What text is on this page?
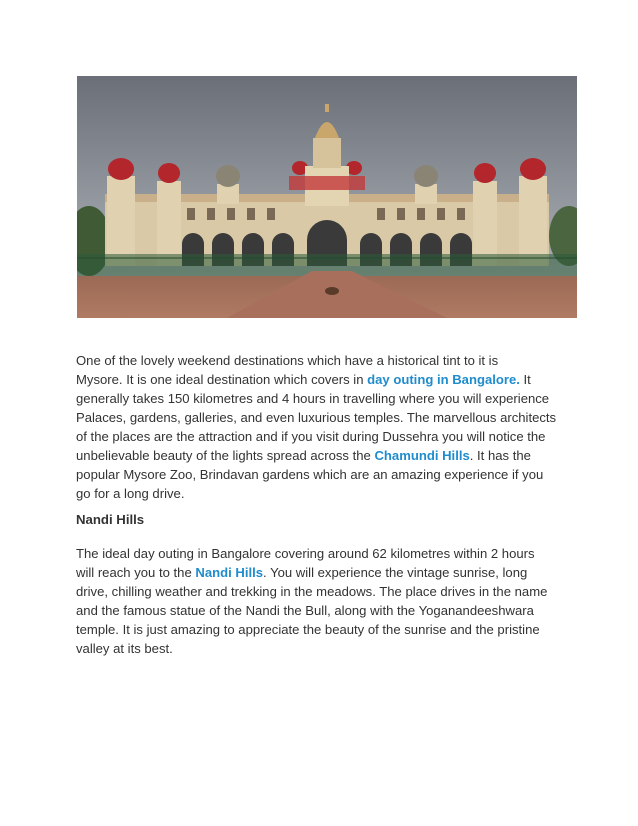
One of the lovely weekend destinations which have a historical tint to it is
Mysore. It is one ideal destination which covers in day outing in Bangalore. It
generally takes 150 kilometres and 4 hours in travelling where you will experience
Palaces, gardens, galleries, and even luxurious temples. The marvellous architects
of the places are the attraction and if you visit during Dussehra you will notice the
unbelievable beauty of the lights spread across the Chamundi Hills. It has the
popular Mysore Zoo, Brindavan gardens which are an amazing experience if you
go for a long drive.
Nandi Hills
The ideal day outing in Bangalore covering around 62 kilometres within 2 hours
will reach you to the Nandi Hills. You will experience the vintage sunrise, long
drive, chilling weather and trekking in the meadows. The place drives in the name
and the famous statue of the Nandi the Bull, along with the Yoganandeeshwara
temple. It is just amazing to appreciate the beauty of the sunrise and the pristine
valley at its best.
